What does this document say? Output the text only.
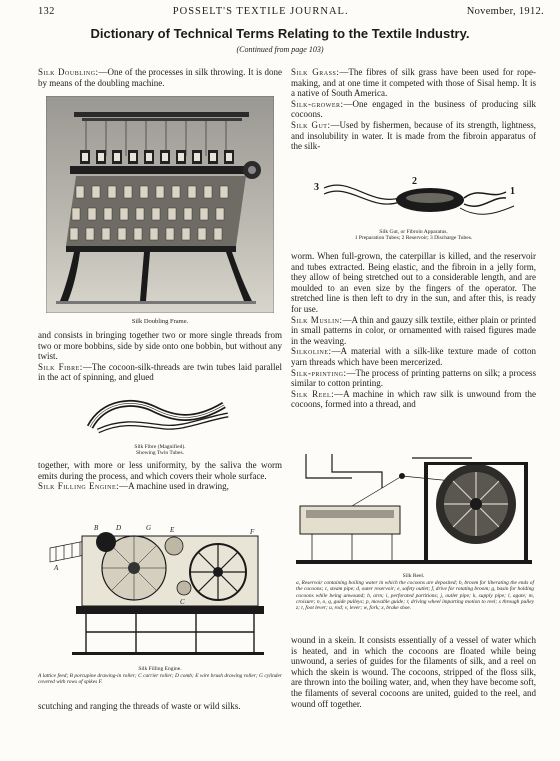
132	POSSELT'S TEXTILE JOURNAL.	November, 1912.
Dictionary of Technical Terms Relating to the Textile Industry.
(Continued from page 103)

Silk Doubling:—One of the processes in silk throwing. It is done by means of the doubling machine.

Silk Doubling Frame.

and consists in bringing together two or more single threads from two or more bobbins, side by side onto one bobbin, but without any twist.

Silk Fibre:—The cocoon-silk-threads are twin tubes laid parallel in the act of spinning, and glued

Silk Fibre (Magnified).
Showing Twin Tubes.

together, with more or less uniformity, by the saliva the worm emits during the process, and which covers their whole surface.

Silk Filling Engine:—A machine used in drawing,

A
B
C
D	E	F
G
Silk Filling Engine.
A lattice feed; B porcupine drawing-in roller; C carrier roller; D comb; E wire brush drawing roller; G cylinder covered with rows of spikes F.
scutching and ranging the threads of waste or wild silks.

Silk Grass:—The fibres of silk grass have been used for rope-making, and at one time it competed with those of Sisal hemp. It is a native of South America.

Silk-grower:—One engaged in the business of producing silk cocoons.

Silk Gut:—Used by fishermen, because of its strength, lightness, and insolubility in water. It is made from the fibroin apparatus of the silk-

3
2
1
Silk Gut, or Fibroin Apparatus.
1 Preparation Tubes; 2 Reservoir; 3 Discharge Tubes.

worm. When full-grown, the caterpillar is killed, and the reservoir and tubes extracted. Being elastic, and the fibroin in a jelly form, they allow of being stretched out to a considerable length, and are moulded to an even size by the fingers of the operator. The stretched line is then left to dry in the sun, and after this, is ready for use.

Silk Muslin:—A thin and gauzy silk textile, either plain or printed in small patterns in color, or ornamented with raised figures made in the weaving.

Silkoline:—A material with a silk-like texture made of cotton yarn threads which have been mercerized.

Silk-printing:—The process of printing patterns on silk; a process similar to cotton printing.

Silk Reel:—A machine in which raw silk is unwound from the cocoons, formed into a thread, and

Silk Reel.
a, Reservoir containing boiling water in which the cocoons are deposited; b, broom for liberating the ends of the cocoons; c, steam pipe; d, outer reservoir; e, safety outlet; f, drive for rotating broom; g, basin for holding cocoons while being unwound; h, arm; i, perforated partitions; j, outlet pipe; k, supply pipe; l, agate; m, croisure; n, o, q, guide pulleys; p, movable guide; r, driving wheel imparting motion to reel; s through pulley z; t, foot lever; u, rod; v, lever; w, fork; x, brake shoe.
wound in a skein. It consists essentially of a vessel of water which is heated, and in which the cocoons are floated while being unwound, a series of guides for the filaments of silk, and a reel on which the skein is wound. The cocoons, stripped of the floss silk, are thrown into the boiling water, and, when they have become soft, the filaments of several cocoons are united, guided to the reel, and wound off together.
